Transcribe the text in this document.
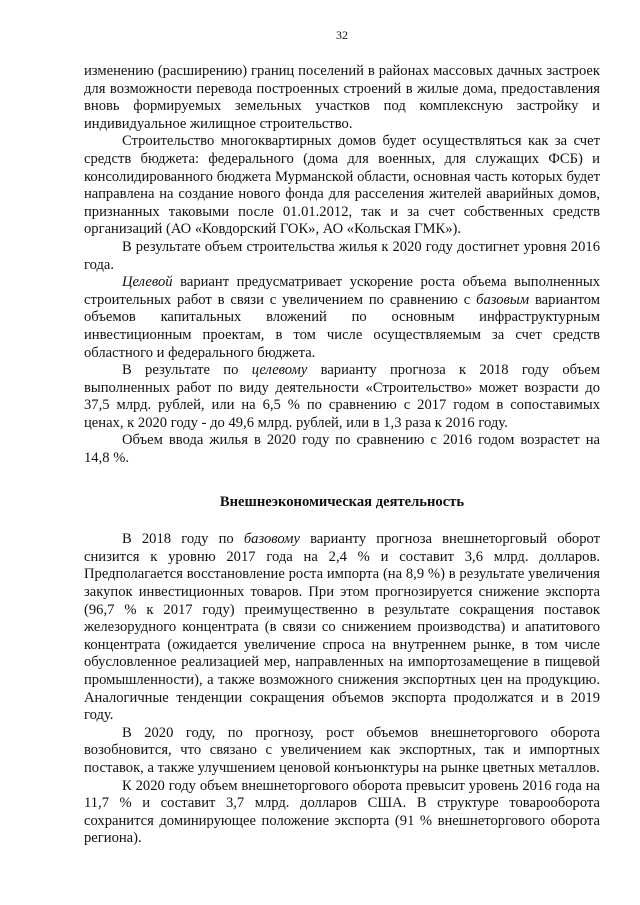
32

изменению (расширению) границ поселений в районах массовых дачных застроек для возможности перевода построенных строений в жилые дома, предоставления вновь формируемых земельных участков под комплексную застройку и индивидуальное жилищное строительство.

Строительство многоквартирных домов будет осуществляться как за счет средств бюджета: федерального (дома для военных, для служащих ФСБ) и консолидированного бюджета Мурманской области, основная часть которых будет направлена на создание нового фонда для расселения жителей аварийных домов, признанных таковыми после 01.01.2012, так и за счет собственных средств организаций (АО «Ковдорский ГОК», АО «Кольская ГМК»).

В результате объем строительства жилья к 2020 году достигнет уровня 2016 года.

Целевой вариант предусматривает ускорение роста объема выполненных строительных работ в связи с увеличением по сравнению с базовым вариантом объемов капитальных вложений по основным инфраструктурным инвестиционным проектам, в том числе осуществляемым за счет средств областного и федерального бюджета.

В результате по целевому варианту прогноза к 2018 году объем выполненных работ по виду деятельности «Строительство» может возрасти до 37,5 млрд. рублей, или на 6,5 % по сравнению с 2017 годом в сопоставимых ценах, к 2020 году - до 49,6 млрд. рублей, или в 1,3 раза к 2016 году.

Объем ввода жилья в 2020 году по сравнению с 2016 годом возрастет на 14,8 %.

Внешнеэкономическая деятельность

В 2018 году по базовому варианту прогноза внешнеторговый оборот снизится к уровню 2017 года на 2,4 % и составит 3,6 млрд. долларов. Предполагается восстановление роста импорта (на 8,9 %) в результате увеличения закупок инвестиционных товаров. При этом прогнозируется снижение экспорта (96,7 % к 2017 году) преимущественно в результате сокращения поставок железорудного концентрата (в связи со снижением производства) и апатитового концентрата (ожидается увеличение спроса на внутреннем рынке, в том числе обусловленное реализацией мер, направленных на импортозамещение в пищевой промышленности), а также возможного снижения экспортных цен на продукцию. Аналогичные тенденции сокращения объемов экспорта продолжатся и в 2019 году.

В 2020 году, по прогнозу, рост объемов внешнеторгового оборота возобновится, что связано с увеличением как экспортных, так и импортных поставок, а также улучшением ценовой конъюнктуры на рынке цветных металлов.

К 2020 году объем внешнеторгового оборота превысит уровень 2016 года на 11,7 % и составит 3,7 млрд. долларов США. В структуре товарооборота сохранится доминирующее положение экспорта (91 % внешнеторгового оборота региона).
